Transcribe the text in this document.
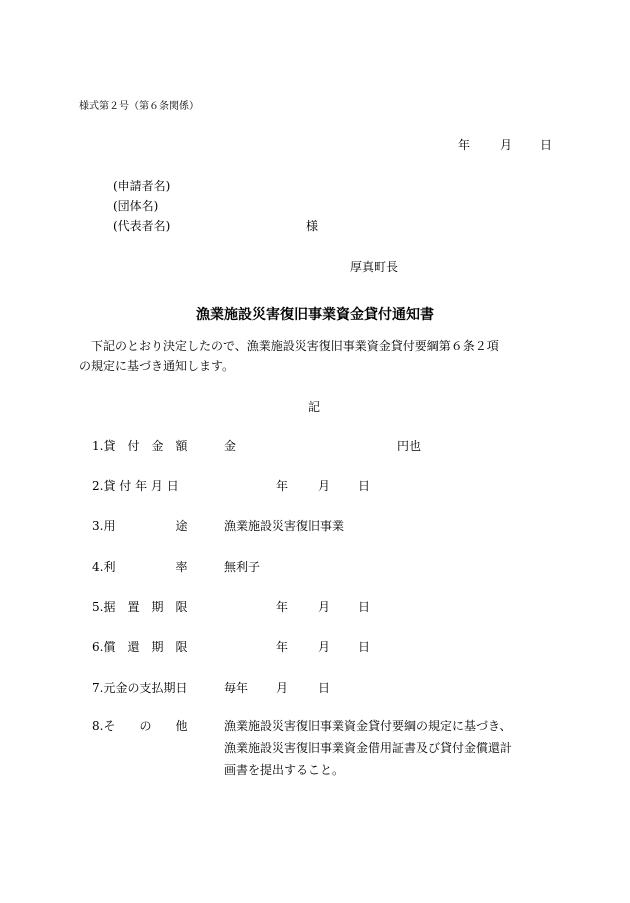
様式第２号（第６条関係）
年 月 日
(申請者名)
(団体名)
(代表者名)	様
厚真町長
漁業施設災害復旧事業資金貸付通知書
下記のとおり決定したので、漁業施設災害復旧事業資金貸付要綱第６条２項
の規定に基づき通知します。
記
1.貸　付　金　額	金	円也
2.貸 付 年 月 日	年 月 日
3.用　　　　　途	漁業施設災害復旧事業
4.利　　　　　率	無利子
5.据　置　期　限	年 月 日
6.償　還　期　限	年 月 日
7.元金の支払期日	毎年 月 日
8.そ　　の　　他	漁業施設災害復旧事業資金貸付要綱の規定に基づき、
漁業施設災害復旧事業資金借用証書及び貸付金償還計
画書を提出すること。
